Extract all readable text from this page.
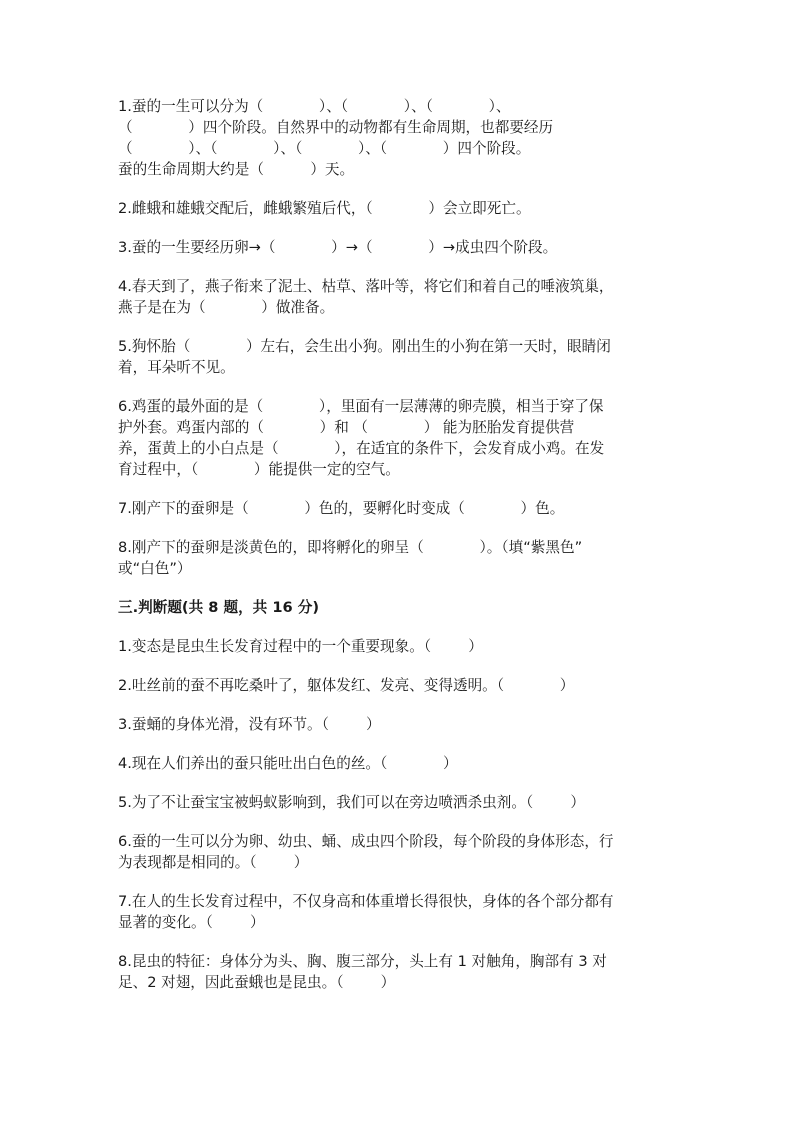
1.蚕的一生可以分为（            ）、（            ）、（            ）、
（            ）四个阶段。自然界中的动物都有生命周期，也都要经历
（            ）、（            ）、（            ）、（            ）四个阶段。
蚕的生命周期大约是（          ）天。
2.雌蛾和雄蛾交配后，雌蛾繁殖后代，（            ）会立即死亡。
3.蚕的一生要经历卵→（            ）→（            ）→成虫四个阶段。
4.春天到了，燕子衔来了泥土、枯草、落叶等，将它们和着自己的唾液筑巢，
燕子是在为（            ）做准备。
5.狗怀胎（            ）左右，会生出小狗。刚出生的小狗在第一天时，眼睛闭
着，耳朵听不见。
6.鸡蛋的最外面的是（            ），里面有一层薄薄的卵壳膜，相当于穿了保
护外套。鸡蛋内部的（            ）和 （            ） 能为胚胎发育提供营
养，蛋黄上的小白点是（            ），在适宜的条件下，会发育成小鸡。在发
育过程中，（            ）能提供一定的空气。
7.刚产下的蚕卵是（            ）色的，要孵化时变成（            ）色。
8.刚产下的蚕卵是淡黄色的，即将孵化的卵呈（            ）。（填“紫黑色”
或“白色”）
三.判断题(共 8 题，共 16 分)
1.变态是昆虫生长发育过程中的一个重要现象。（        ）
2.吐丝前的蚕不再吃桑叶了，躯体发红、发亮、变得透明。（            ）
3.蚕蛹的身体光滑，没有环节。（        ）
4.现在人们养出的蚕只能吐出白色的丝。（            ）
5.为了不让蚕宝宝被蚂蚁影响到，我们可以在旁边喷洒杀虫剂。（        ）
6.蚕的一生可以分为卵、幼虫、蛹、成虫四个阶段，每个阶段的身体形态，行
为表现都是相同的。（        ）
7.在人的生长发育过程中，不仅身高和体重增长得很快，身体的各个部分都有
显著的变化。（        ）
8.昆虫的特征：身体分为头、胸、腹三部分，头上有 1 对触角，胸部有 3 对
足、2 对翅，因此蚕蛾也是昆虫。（        ）
